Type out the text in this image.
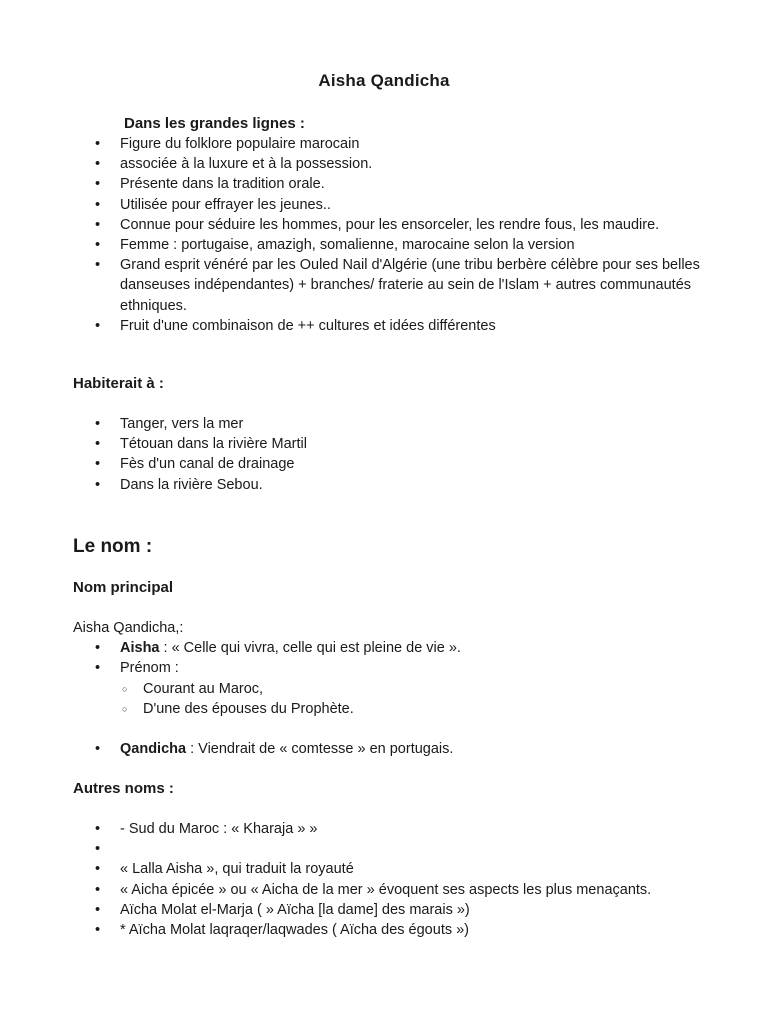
Aisha Qandicha
Dans les grandes lignes :
• Figure du folklore populaire marocain
• associée à la luxure et à la possession.
• Présente dans la tradition orale.
• Utilisée pour effrayer les jeunes..
• Connue pour séduire les hommes, pour les ensorceler, les rendre fous, les maudire.
• Femme : portugaise, amazigh, somalienne, marocaine selon la version
• Grand esprit vénéré par les Ouled Nail d'Algérie (une tribu berbère célèbre pour ses belles danseuses indépendantes) + branches/ fraterie au sein de l'Islam + autres communautés ethniques.
• Fruit d'une combinaison de ++ cultures et idées différentes
Habiterait à :
• Tanger, vers la mer
• Tétouan dans la rivière Martil
• Fès d'un canal de drainage
• Dans la rivière Sebou.
Le nom :
Nom principal
Aisha Qandicha,:
• Aisha : « Celle qui vivra, celle qui est pleine de vie ».
• Prénom :
○ Courant au Maroc,
○ D'une des épouses du Prophète.
• Qandicha : Viendrait de « comtesse » en portugais.
Autres noms :
• - Sud du Maroc : « Kharaja » »
•
• « Lalla Aisha », qui traduit la royauté
• « Aicha épicée » ou « Aicha de la mer » évoquent ses aspects les plus menaçants.
• Aïcha Molat el-Marja ( » Aïcha [la dame] des marais »)
• * Aïcha Molat laqraqer/laqwades ( Aïcha des égouts »)
